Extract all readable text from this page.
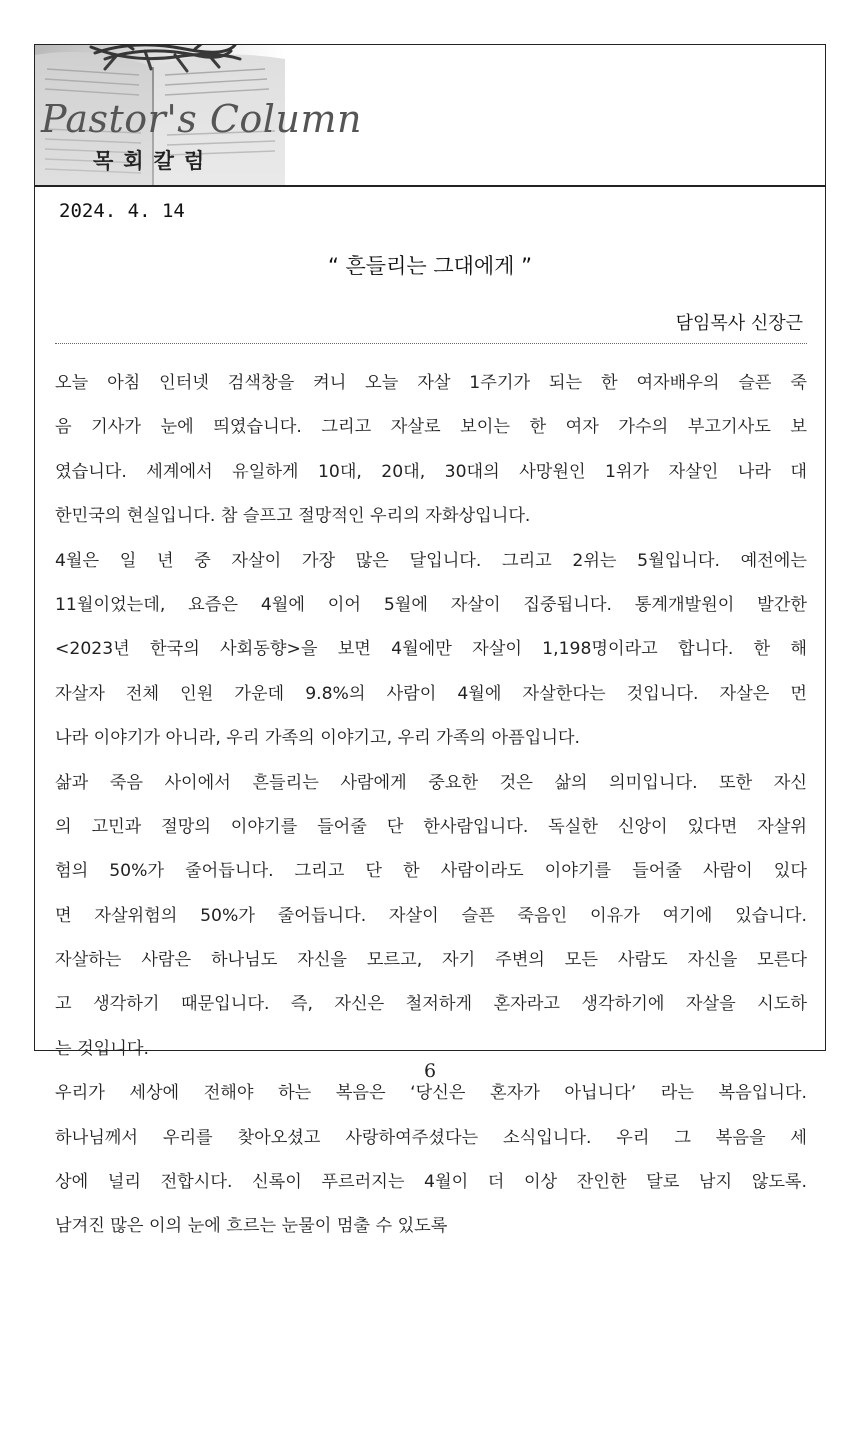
Pastor's Column
목회칼럼
2024. 4. 14
“ 흔들리는 그대에게 ”
담임목사 신장근
오늘 아침 인터넷 검색창을 켜니 오늘 자살 1주기가 되는 한 여자배우의 슬픈 죽
음 기사가 눈에 띄였습니다. 그리고 자살로 보이는 한 여자 가수의 부고기사도 보
였습니다. 세계에서 유일하게 10대, 20대, 30대의 사망원인 1위가 자살인 나라 대
한민국의 현실입니다. 참 슬프고 절망적인 우리의 자화상입니다.
4월은 일 년 중 자살이 가장 많은 달입니다. 그리고 2위는 5월입니다. 예전에는
11월이었는데, 요즘은 4월에 이어 5월에 자살이 집중됩니다. 통계개발원이 발간한
<2023년 한국의 사회동향>을 보면 4월에만 자살이 1,198명이라고 합니다. 한 해
자살자 전체 인원 가운데 9.8%의 사람이 4월에 자살한다는 것입니다. 자살은 먼
나라 이야기가 아니라, 우리 가족의 이야기고, 우리 가족의 아픔입니다.
삶과 죽음 사이에서 흔들리는 사람에게 중요한 것은 삶의 의미입니다. 또한 자신
의 고민과 절망의 이야기를 들어줄 단 한사람입니다. 독실한 신앙이 있다면 자살위
험의 50%가 줄어듭니다. 그리고 단 한 사람이라도 이야기를 들어줄 사람이 있다
면 자살위험의 50%가 줄어듭니다. 자살이 슬픈 죽음인 이유가 여기에 있습니다.
자살하는 사람은 하나님도 자신을 모르고, 자기 주변의 모든 사람도 자신을 모른다
고 생각하기 때문입니다. 즉, 자신은 철저하게 혼자라고 생각하기에 자살을 시도하
는 것입니다.
우리가 세상에 전해야 하는 복음은 ‘당신은 혼자가 아닙니다’ 라는 복음입니다.
하나님께서 우리를 찾아오셨고 사랑하여주셨다는 소식입니다. 우리 그 복음을 세
상에 널리 전합시다. 신록이 푸르러지는 4월이 더 이상 잔인한 달로 남지 않도록.
남겨진 많은 이의 눈에 흐르는 눈물이 멈출 수 있도록
6
